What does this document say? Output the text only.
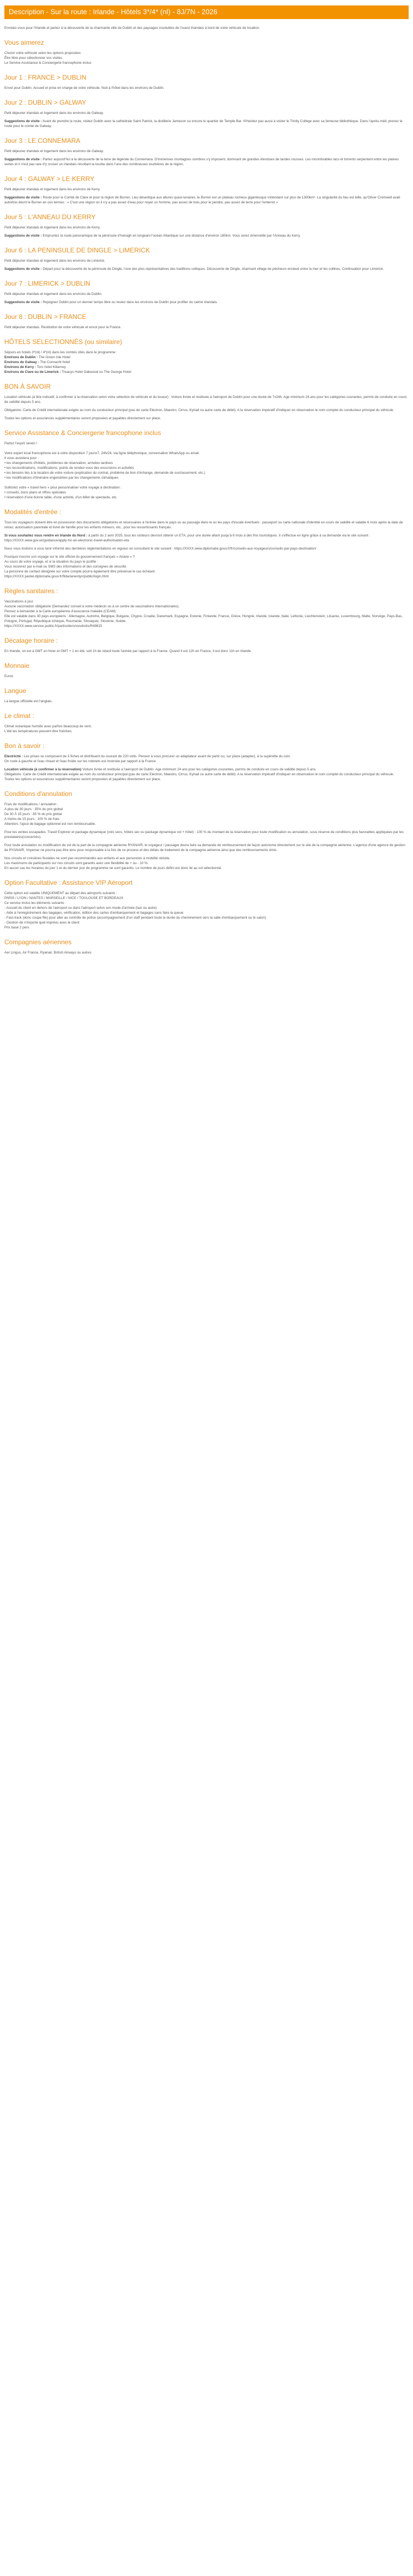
Description - Sur la route : Irlande - Hôtels 3*/4* (nl) - 8J/7N - 2026

Envolez-vous pour l'Irlande et partez à la découverte de la charmante ville de Dublin et des paysages insolubles de l'ouest Irlandais à bord de votre véhicule de location.

Vous aimerez
Choisir votre véhicule selon les options proposées
Être libre pour sélectionner vos visites
Le Service Assistance & Conciergerie francophone inclus
Jour 1 : FRANCE > DUBLIN

Envol pour Dublin. Accueil et prise en charge de votre véhicule. Nuit à l'hôtel dans les environs de Dublin.

Jour 2 : DUBLIN > GALWAY

Petit déjeuner irlandais et logement dans les environs de Galway.

Suggestions de visite : Avant de prendre la route, visitez Dublin avec la cathédrale Saint Patrick, la distillerie Jameson ou encore le quartier de Temple Bar. N'hésitez pas aussi à visiter le Trinity College avec sa fameuse bibliothèque. Dans l'après-midi, prenez la route pour le comté de Galway.

Jour 3 : LE CONNEMARA

Petit déjeuner irlandais et logement dans les environs de Galway.

Suggestions de visite : Partez aujourd'hui à la découverte de la terre de légende du Connemara. D'immenses montagnes sombres s'y imposent, dominant de grandes étendues de landes rousses. Les innombrables lacs et torrents serpentent entre les plaines vertes et il n'est pas rare d'y croiser un irlandais récoltant la tourbe dans l'une des nombreuses tourbières de la région.

Jour 4 : GALWAY > LE KERRY

Petit déjeuner irlandais et logement dans les environs de Kerry.

Suggestions de visite : Route pour le Comté de Clare et pour la région de Burren. Lieu désertique aux allures quasi-lunaires, le Burren est un plateau rocheux gigantesque s'étendant sur plus de 1300km². La singularité du lieu est telle, qu'Oliver Cromwell avait autrefois décrit le Burren en ces termes : « C'est une région où il n'y a pas assez d'eau pour noyer un homme, pas assez de bois pour le pendre, pas assez de terre pour l'enterrer »

Jour 5 : L'ANNEAU DU KERRY

Petit déjeuner irlandais et logement dans les environs de Kerry.

Suggestions de visite : Empruntez la route panoramique de la péninsule d'Iveragh en longeant l'océan Atlantique sur une distance d'environ 180km. Vous serez émerveillé par l'Anneau du Kerry.

Jour 6 : LA PENINSULE DE DINGLE > LIMERICK

Petit déjeuner irlandais et logement dans les environs de Limerick.

Suggestions de visite : Départ pour la découverte de la péninsule de Dingle, l'une des plus représentatives des traditions celtiques. Découverte de Dingle, charmant village de pêcheurs enclavé entre la mer et les collines. Continuation pour Limerick.

Jour 7 : LIMERICK > DUBLIN

Petit déjeuner irlandais et logement dans les environs de Dublin.

Suggestions de visite : Rejoignez Dublin pour un dernier temps libre ou restez dans les environs de Dublin pour profiter du calme irlandais.

Jour 8 : DUBLIN > FRANCE

Petit déjeuner irlandais. Restitution de votre véhicule et envol pour la France.

HÔTELS SÉLECTIONNÉS (ou similaire)
Séjours en hotels 3*(nl) / 4*(nl) dans les comtés cités dans le programme :
Environs de Dublin : The Green Isle Hotel
Environs de Galway : The Connacht hotel
Environs de Kerry : Torc hotel Killarney
Environs de Clare ou de Limerick : Treacys Hotel Oakwood ou The George Hotel
BON À SAVOIR

Location véhicule (à titre indicatif, à confirmer à la réservation selon votre sélection de véhicule et du loueur) : Voiture livrée et restituée à l'aéroport de Dublin pour une durée de 7x24h. Age minimum 24 ans pour les catégories courantes, permis de conduire en cours de validité depuis 5 ans.

Obligatoire: Carte de Crédit internationale exigée au nom du conducteur principal (pas de carte Electron, Maestro, Cirrus, Kyriad ou autre carte de débit). A la réservation impératif d'indiquer en observation le nom complet du conducteur principal du véhicule.

Toutes les options et assurances supplémentaires seront proposées et payables directement sur place.

Service Assistance & Conciergerie francophone inclus
Partez l'esprit serein !

Votre expert local francophone est à votre disposition 7 jours/7, 24h/24, via ligne téléphonique, conversation WhatsApp ou email.
Il vous assistera pour :
• les changements d'hôtels, problèmes de réservation, arrivées tardives
• les recoordinations, modifications, points de rendez-vous des excursions et activités
• les besoins liés à la location de votre voiture (explication du contrat, problème de bon d'échange, demande de surclassement, etc.)
• les modifications d'itinéraire engendrées par les changements climatiques

Sollicitez votre « travel hero » pour personnaliser votre voyage à destination :
• conseils, bons plans et offres spéciales
• réservation d'une bonne table, d'une activité, d'un billet de spectacle, etc.
Modalités d'entrée :

Tous les voyageurs doivent être en possession des documents obligatoires et nécessaires à l'entrée dans le pays ou au passage dans le ou les pays d'escale éventuels : passeport ou carte nationale d'identité en cours de validité et valable 6 mois après la date de retour, autorisation parentale et livret de famille pour les enfants mineurs, etc., pour les ressortissants français.

Si vous souhaitez vous rendre en Irlande du Nord : à partir du 2 avril 2025, tous les visiteurs devront obtenir un ETA, pour une durée allant jusqu'à 6 mois à des fins touristiques. Il s'effectue en ligne grâce à sa demande via le site suivant : https://XXXX.www.gov.uk/guidance/apply-for-an-electronic-travel-authorisation-eta

Nous vous invitons à vous tenir informé des dernières réglementations en vigueur en consultant le site suivant : https://XXXX.www.diplomatie.gouv.fr/fr/conseils-aux-voyageurs/conseils-par-pays-destination/

Pourquoi inscrire son voyage sur le site officiel du gouvernement français « Ariane » ?
Au cours de votre voyage, et si la situation du pays le justifie :
Vous recevrez par e-mail ou SMS des informations et des consignes de sécurité.
La personne de contact désignée sur votre compte pourra également être prévenue le cas échéant.
https://XXXX.pastel.diplomatie.gouv.fr/fildariane/dyn/public/login.html

Règles sanitaires :

Vaccinations à jour.
Aucune vaccination obligatoire (Demandez conseil à votre médecin ou à un centre de vaccinations internationales).
Pensez à demander à la Carte européenne d'assurance maladie (CEAM) :
Elle est valable dans 30 pays européens : Allemagne, Autriche, Belgique, Bulgarie, Chypre, Croatie, Danemark, Espagne, Estonie, Finlande, France, Grèce, Hongrie, Irlande, Islande, Italie, Lettonie, Liechtenstein, Lituanie, Luxembourg, Malte, Norvège, Pays-Bas, Pologne, Portugal, République tchèque, Roumanie, Slovaquie, Slovénie, Suède.
https://XXXX.www.service-public.fr/particuliers/vosdroits/R49815

Décalage horaire :

En Irlande, on est à GMT en hiver et GMT + 1 en été, soit 1h de retard toute l'année par rapport à la France. Quand il est 12h en France, il est donc 11h en Irlande.

Monnaie

Euros

Langue

La langue officielle est l'anglais.

Le climat :

Climat océanique humide avec parfois beaucoup de vent.
L'été les températures peuvent être fraîches.

Bon à savoir :

Electricité : Les prises se composent de 3 fiches et distribuent du courant de 220 volts. Pensez à vous procurer un adaptateur avant de partir ou, sur place (adapter), à la supérette du coin.
On roule à gauche et l'eau chaud et l'eau froide sur les robinets est inversée par rapport à la France.

Location véhicule (à confirmer à la réservation) Voiture livrée et restituée à l'aéroport de Dublin. Age minimum 24 ans pour les catégories courantes, permis de conduire en cours de validité depuis 5 ans.
Obligatoire: Carte de Crédit internationale exigée au nom du conducteur principal (pas de carte Electron, Maestro, Cirrus, Kyriad ou autre carte de débit). A la réservation impératif d'indiquer en observation le nom complet du conducteur principal du véhicule.
Toutes les options et assurances supplémentaires seront proposées et payables directement sur place.

Conditions d'annulation

Frais de modifications / annulation :
A plus de 30 jours : 35% du prix global
De 30 À 15 jours : 85 % du prix global
A moins de 15 jours : 100 % de frais
Attention, l'ajout de bagage optionnel est non remboursable.

Pour les ventes escapades, Travel Explorer et package dynamique (vols secs, hôtels sec ou package dynamique vol + hôtel) : 100 % du montant de la réservation pour toute modification ou annulation, sous réserve de conditions plus favorables appliquées par les prestataires(concernés).

Pour toute annulation ou modification de vol de la part de la compagnie aérienne RYANAIR, le voyageur / passager devra faire sa demande de remboursement de façon autonome directement sur le site de la compagnie aérienne. L'agence d'une agence de gestion de RYANAIR, Voyamar ne pourra pas être tenu pour responsable à la fois de ce process et des délais de traitement de la compagnie aérienne ainsi que des remboursements émis.

Nos circuits et croisières fluviales ne sont pas recommandés aux enfants et aux personnes à mobilité réduite.
Les maximums de participants sur nos circuits sont garantis avec une flexibilité de + ou - 10 %.
En aucun cas les horaires du jour 1 et du dernier jour de programme ne sont garantis. Le nombre de jours défini est donc lié au vol sélectionné.

Option Facultative : Assistance VIP Aéroport

Cette option est valable UNIQUEMENT au départ des aéroports suivants :
PARIS / LYON / NANTES / MARSEILLE / NICE / TOULOUSE ET BORDEAUX
Ce service inclus les éléments suivants :
- Accueil du client en dehors de l'aéroport ou dans l'aéroport selon son mode d'arrivée (taxi ou autre)
- Aide à l'enregistrement des bagages, vérification, édition des cartes d'embarquement et bagages sans faire la queue
- Fast-track (donc coupe file) pour aller au contrôle de police (accompagnement d'un staff pendant toute la durée du cheminement vers la salle d'embarquement ou le salon)
- Gestion de n'importe quel imprévu avec le client
Prix base 2 pers

Compagnies aériennes

Aer Lingus, Air France, Ryanair, British Airways ou autres
